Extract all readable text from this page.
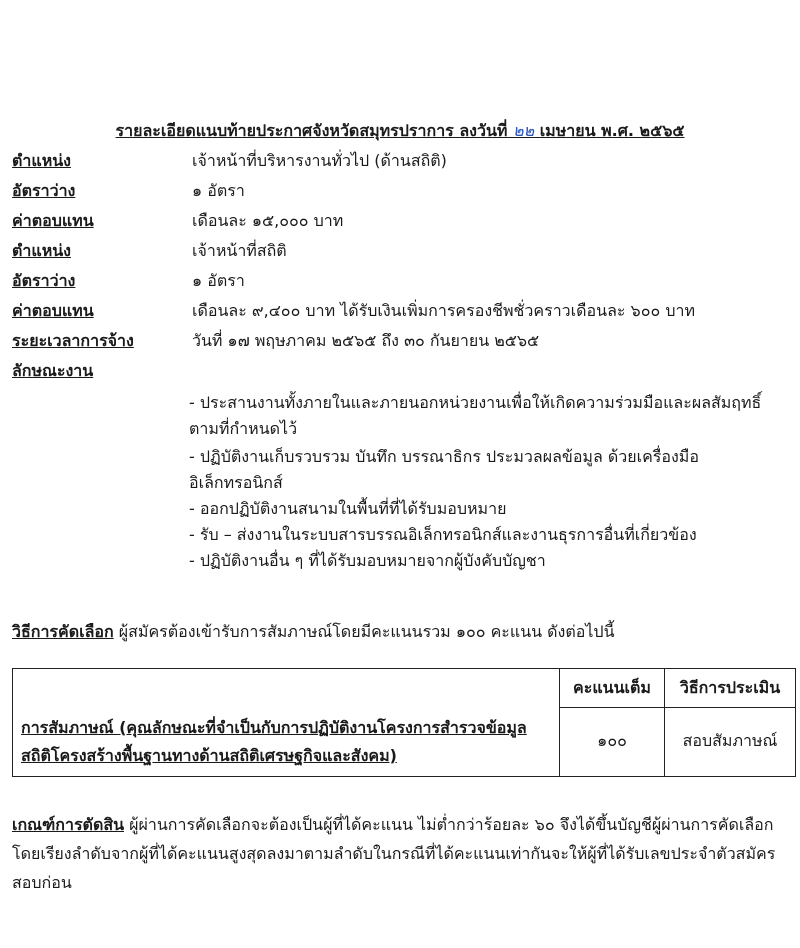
รายละเอียดแนบท้ายประกาศจังหวัดสมุทรปราการ ลงวันที่ ๒๒ เมษายน พ.ศ. ๒๕๖๕
ตำแหน่ง	เจ้าหน้าที่บริหารงานทั่วไป (ด้านสถิติ)
อัตราว่าง	๑ อัตรา
ค่าตอบแทน	เดือนละ ๑๕,๐๐๐ บาท
ตำแหน่ง	เจ้าหน้าที่สถิติ
อัตราว่าง	๑ อัตรา
ค่าตอบแทน	เดือนละ ๙,๔๐๐ บาท ได้รับเงินเพิ่มการครองชีพชั่วคราวเดือนละ ๖๐๐ บาท
ระยะเวลาการจ้าง	วันที่ ๑๗ พฤษภาคม ๒๕๖๕ ถึง ๓๐ กันยายน ๒๕๖๕
ลักษณะงาน
- ประสานงานทั้งภายในและภายนอกหน่วยงานเพื่อให้เกิดความร่วมมือและผลสัมฤทธิ์ตามที่กำหนดไว้
- ปฏิบัติงานเก็บรวบรวม บันทึก บรรณาธิกร ประมวลผลข้อมูล ด้วยเครื่องมืออิเล็กทรอนิกส์
- ออกปฏิบัติงานสนามในพื้นที่ที่ได้รับมอบหมาย
- รับ – ส่งงานในระบบสารบรรณอิเล็กทรอนิกส์และงานธุรการอื่นที่เกี่ยวข้อง
- ปฏิบัติงานอื่น ๆ ที่ได้รับมอบหมายจากผู้บังคับบัญชา
วิธีการคัดเลือก ผู้สมัครต้องเข้ารับการสัมภาษณ์โดยมีคะแนนรวม ๑๐๐ คะแนน ดังต่อไปนี้
	คะแนนเต็ม	วิธีการประเมิน
การสัมภาษณ์ (คุณลักษณะที่จำเป็นกับการปฏิบัติงานโครงการสำรวจข้อมูลสถิติโครงสร้างพื้นฐานทางด้านสถิติเศรษฐกิจและสังคม)	๑๐๐	สอบสัมภาษณ์
เกณฑ์การตัดสิน ผู้ผ่านการคัดเลือกจะต้องเป็นผู้ที่ได้คะแนน ไม่ต่ำกว่าร้อยละ ๖๐ จึงได้ขึ้นบัญชีผู้ผ่านการคัดเลือก โดยเรียงลำดับจากผู้ที่ได้คะแนนสูงสุดลงมาตามลำดับในกรณีที่ได้คะแนนเท่ากันจะให้ผู้ที่ได้รับเลขประจำตัวสมัครสอบก่อน
